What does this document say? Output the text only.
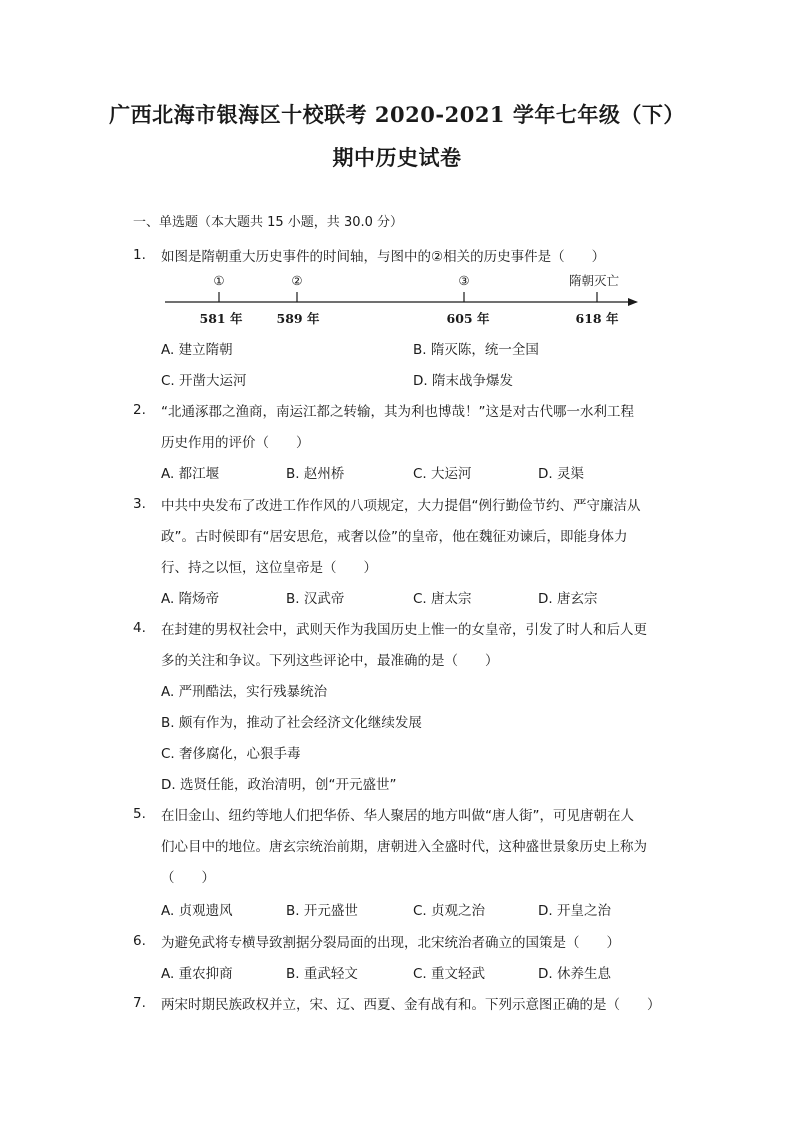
广西北海市银海区十校联考 2020-2021 学年七年级（下）
期中历史试卷
一、单选题（本大题共 15 小题，共 30.0 分）
1. 如图是隋朝重大历史事件的时间轴，与图中的②相关的历史事件是（　　）
①	②	③	隋朝灭亡
581 年	589 年	605 年	618 年
A. 建立隋朝	B. 隋灭陈，统一全国
C. 开凿大运河	D. 隋末战争爆发
2. “北通涿郡之渔商，南运江都之转输，其为利也博哉！”这是对古代哪一水利工程
历史作用的评价（　　）
A. 都江堰	B. 赵州桥	C. 大运河	D. 灵渠
3. 中共中央发布了改进工作作风的八项规定，大力提倡“例行勤俭节约、严守廉洁从
政”。古时候即有“居安思危，戒奢以俭”的皇帝，他在魏征劝谏后，即能身体力
行、持之以恒，这位皇帝是（　　）
A. 隋炀帝	B. 汉武帝	C. 唐太宗	D. 唐玄宗
4. 在封建的男权社会中，武则天作为我国历史上惟一的女皇帝，引发了时人和后人更
多的关注和争议。下列这些评论中，最准确的是（　　）
A. 严刑酷法，实行残暴统治
B. 颇有作为，推动了社会经济文化继续发展
C. 奢侈腐化，心狠手毒
D. 选贤任能，政治清明，创“开元盛世”
5. 在旧金山、纽约等地人们把华侨、华人聚居的地方叫做“唐人街”，可见唐朝在人
们心目中的地位。唐玄宗统治前期，唐朝进入全盛时代，这种盛世景象历史上称为
（　　）
A. 贞观遗风	B. 开元盛世	C. 贞观之治	D. 开皇之治
6. 为避免武将专横导致割据分裂局面的出现，北宋统治者确立的国策是（　　）
A. 重农抑商	B. 重武轻文	C. 重文轻武	D. 休养生息
7. 两宋时期民族政权并立，宋、辽、西夏、金有战有和。下列示意图正确的是（　　）
